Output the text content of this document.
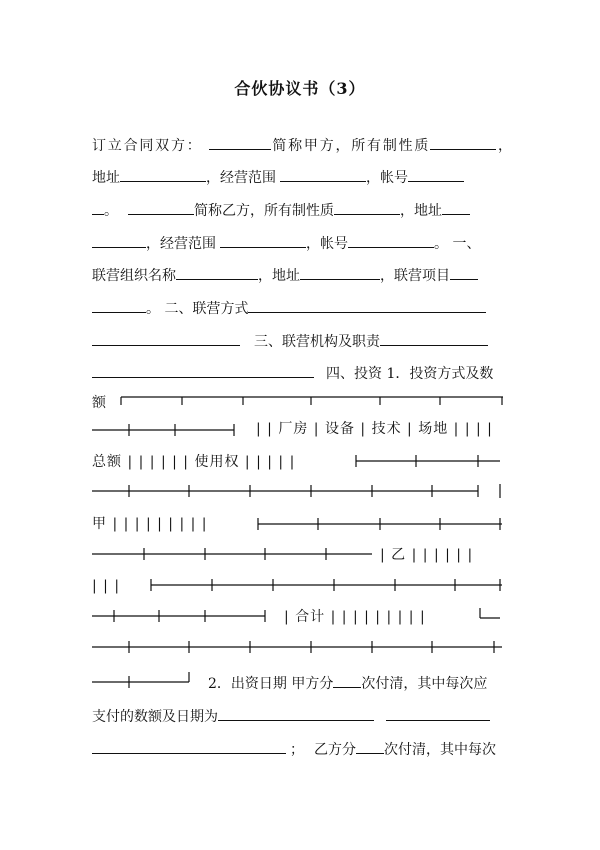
合伙协议书（3）
订立合同双方：	简称甲方，所有制性质	，
地址	，经营范围	，帐号
。	简称乙方，所有制性质	，地址
，经营范围	，帐号	。 一、
联营组织名称	，地址	，联营项目
。 二、联营方式
三、联营机构及职责
四、投资 1．投资方式及数
额
| | 厂房 | 设备 | 技术 | 场地 | | | |
总额 | | | | | | 使用权 | | | | |
甲 | | | | | | | | |
| 乙 | | | | | |
| | |
| 合计 | | | | | | | | |
2．出资日期 甲方分 次付清，其中每次应
支付的数额及日期为
； 乙方分 次付清，其中每次
